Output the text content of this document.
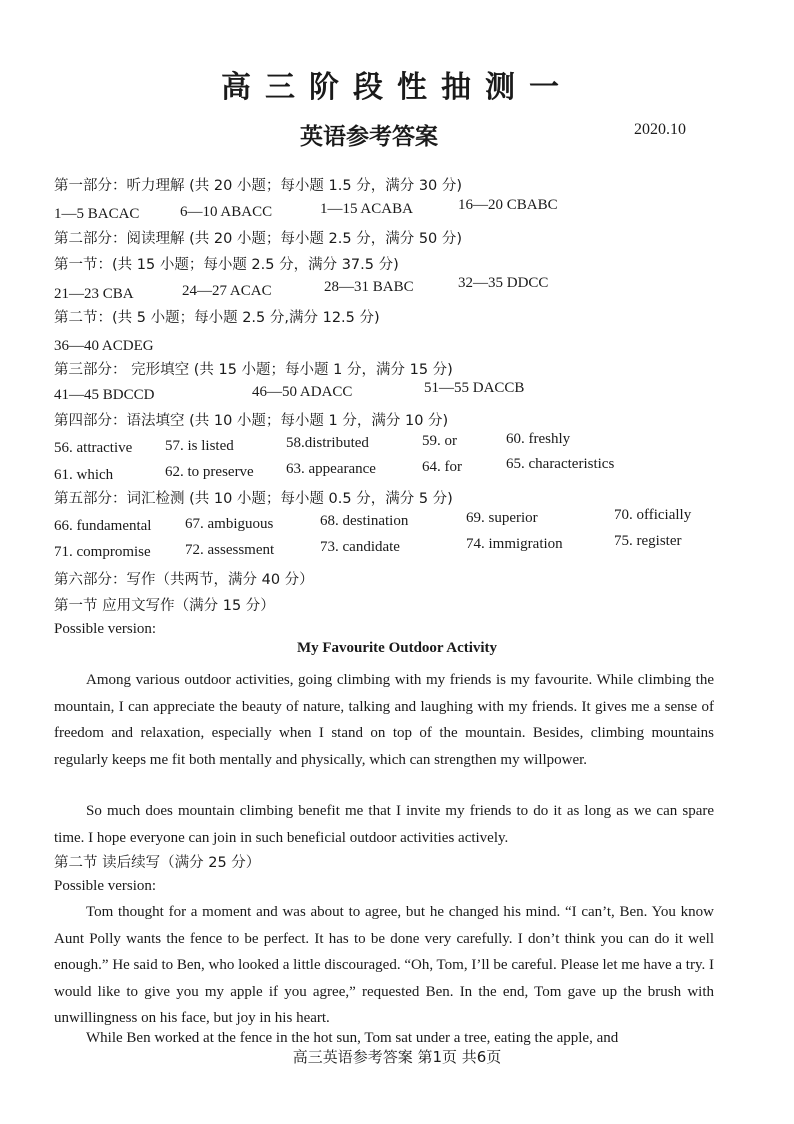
高三阶段性抽测一
英语参考答案	2020.10
第一部分：听力理解 (共 20 小题；每小题 1.5 分，满分 30 分)
1—5 BACAC	6—10 ABACC	1—15 ACABA	16—20 CBABC
第二部分：阅读理解 (共 20 小题；每小题 2.5 分，满分 50 分)
第一节：(共 15 小题；每小题 2.5 分，满分 37.5 分)
21—23 CBA	24—27 ACAC	28—31 BABC	32—35 DDCC
第二节：(共 5 小题；每小题 2.5 分,满分 12.5 分)
36—40 ACDEG
第三部分： 完形填空 (共 15 小题；每小题 1 分，满分 15 分)
41—45 BDCCD	46—50 ADACC	51—55 DACCB
第四部分：语法填空 (共 10 小题；每小题 1 分，满分 10 分)
56. attractive 57. is listed	58.distributed	59. or	60. freshly
61. which	62. to preserve 63. appearance	64. for	65. characteristics
第五部分：词汇检测 (共 10 小题；每小题 0.5 分，满分 5 分)
66. fundamental 67. ambiguous	68. destination	69. superior	70. officially
71. compromise 72. assessment	73. candidate	74. immigration	75. register
第六部分：写作（共两节，满分 40 分）
第一节 应用文写作（满分 15 分）
Possible version:
My Favourite Outdoor Activity

Among various outdoor activities, going climbing with my friends is my favourite. While climbing the mountain, I can appreciate the beauty of nature, talking and laughing with my friends. It gives me a sense of freedom and relaxation, especially when I stand on top of the mountain. Besides, climbing mountains regularly keeps me fit both mentally and physically, which can strengthen my willpower.

So much does mountain climbing benefit me that I invite my friends to do it as long as we can spare time. I hope everyone can join in such beneficial outdoor activities actively.

第二节 读后续写（满分 25 分）
Possible version:

Tom thought for a moment and was about to agree, but he changed his mind. “I can’t, Ben. You know Aunt Polly wants the fence to be perfect. It has to be done very carefully. I don’t think you can do it well enough.” He said to Ben, who looked a little discouraged. “Oh, Tom, I’ll be careful. Please let me have a try. I would like to give you my apple if you agree,” requested Ben. In the end, Tom gave up the brush with unwillingness on his face, but joy in his heart.

While Ben worked at the fence in the hot sun, Tom sat under a tree, eating the apple, and

高三英语参考答案 第1页 共6页
